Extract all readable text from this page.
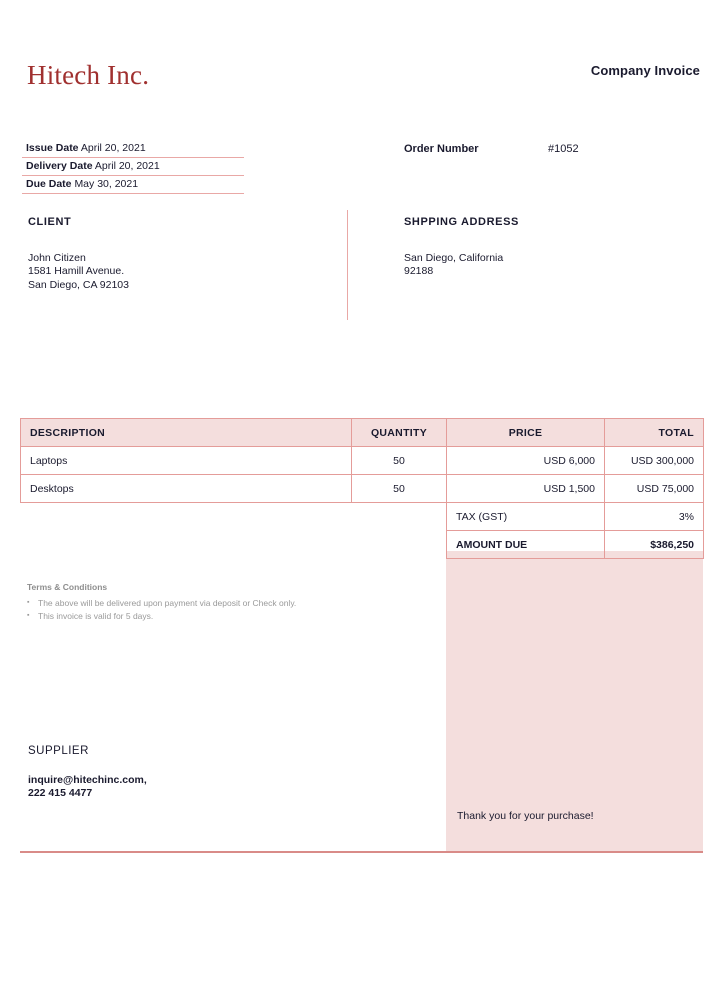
Hitech Inc.	Company Invoice
Issue Date April 20, 2021
Delivery Date April 20, 2021
Due Date May 30, 2021
Order Number	#1052
CLIENT
John Citizen
1581 Hamill Avenue.
San Diego, CA 92103
SHPPING ADDRESS
San Diego, California
92188
DESCRIPTION	QUANTITY	PRICE	TOTAL
Laptops	50	USD 6,000	USD 300,000
Desktops	50	USD 1,500	USD 75,000
		TAX (GST)	3%
		AMOUNT DUE	$386,250
Terms & Conditions
▪ The above will be delivered upon payment via deposit or Check only.
▪ This invoice is valid for 5 days.
SUPPLIER
inquire@hitechinc.com,
222 415 4477
Thank you for your purchase!
